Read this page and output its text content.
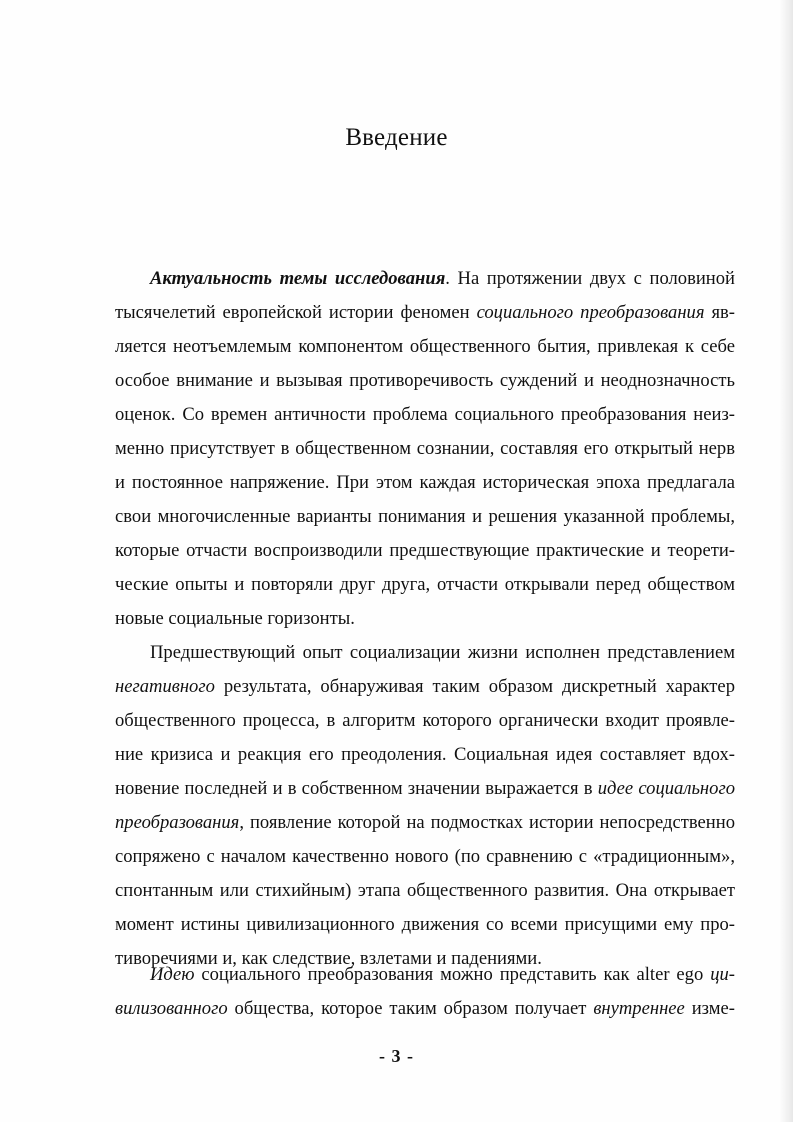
Введение
Актуальность темы исследования. На протяжении двух с половиной
тысячелетий европейской истории феномен социального преобразования яв-
ляется неотъемлемым компонентом общественного бытия, привлекая к себе
особое внимание и вызывая противоречивость суждений и неоднозначность
оценок. Со времен античности проблема социального преобразования неиз-
менно присутствует в общественном сознании, составляя его открытый нерв
и постоянное напряжение. При этом каждая историческая эпоха предлагала
свои многочисленные варианты понимания и решения указанной проблемы,
которые отчасти воспроизводили предшествующие практические и теорети-
ческие опыты и повторяли друг друга, отчасти открывали перед обществом
новые социальные горизонты.
Предшествующий опыт социализации жизни исполнен представлением
негативного результата, обнаруживая таким образом дискретный характер
общественного процесса, в алгоритм которого органически входит проявле-
ние кризиса и реакция его преодоления. Социальная идея составляет вдох-
новение последней и в собственном значении выражается в идее социального
преобразования, появление которой на подмостках истории непосредственно
сопряжено с началом качественно нового (по сравнению с «традиционным»,
спонтанным или стихийным) этапа общественного развития. Она открывает
момент истины цивилизационного движения со всеми присущими ему про-
тиворечиями и, как следствие, взлетами и падениями.
Идею социального преобразования можно представить как alter ego ци-
вилизованного общества, которое таким образом получает внутреннее изме-
- 3 -
